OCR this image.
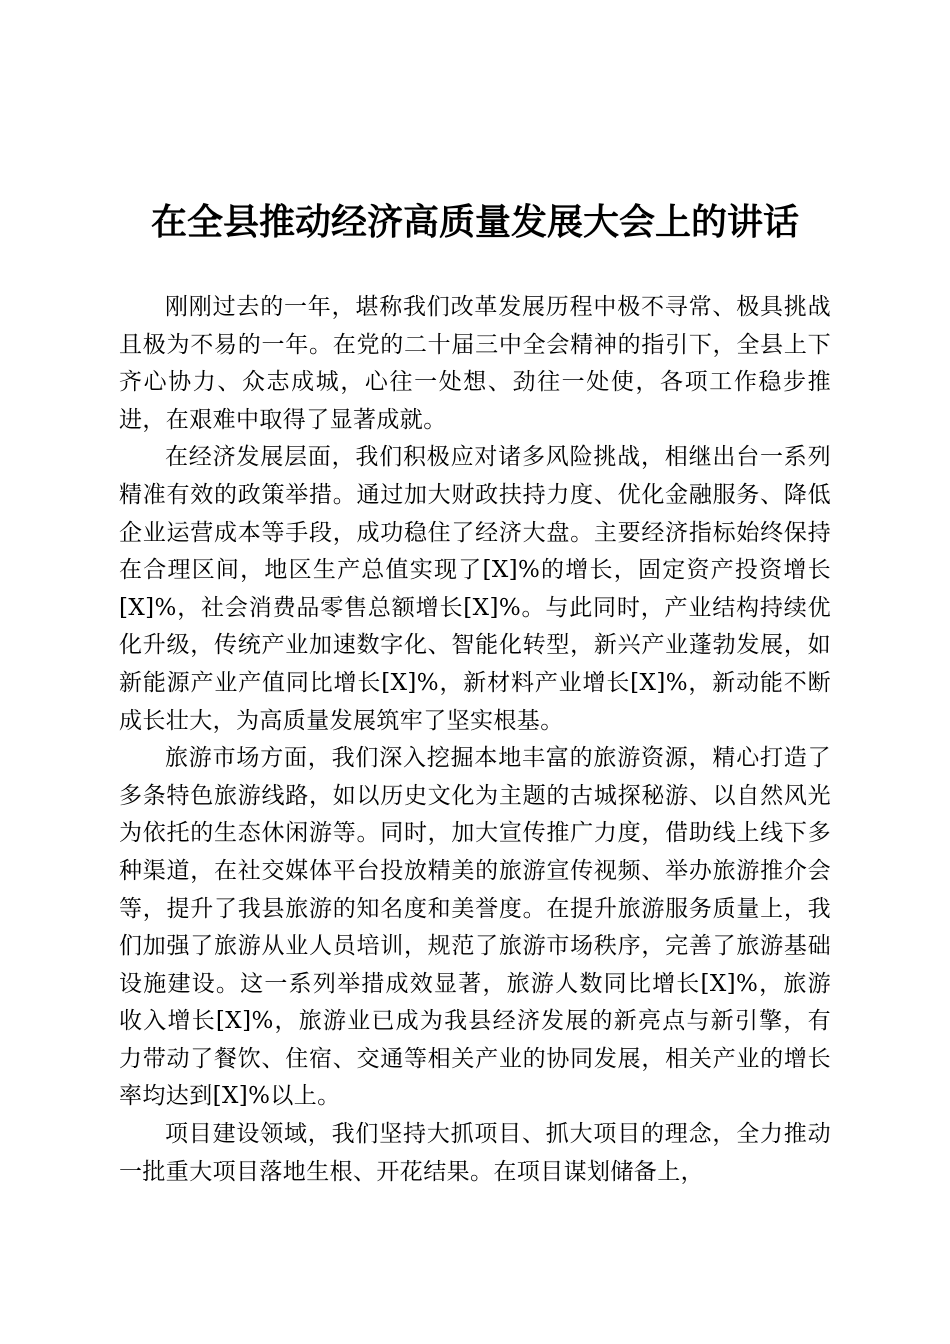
在全县推动经济高质量发展大会上的讲话

刚刚过去的一年，堪称我们改革发展历程中极不寻常、极具挑战且极为不易的一年。在党的二十届三中全会精神的指引下，全县上下齐心协力、众志成城，心往一处想、劲往一处使，各项工作稳步推进，在艰难中取得了显著成就。

在经济发展层面，我们积极应对诸多风险挑战，相继出台一系列精准有效的政策举措。通过加大财政扶持力度、优化金融服务、降低企业运营成本等手段，成功稳住了经济大盘。主要经济指标始终保持在合理区间，地区生产总值实现了[X]%的增长，固定资产投资增长[X]%，社会消费品零售总额增长[X]%。与此同时，产业结构持续优化升级，传统产业加速数字化、智能化转型，新兴产业蓬勃发展，如新能源产业产值同比增长[X]%，新材料产业增长[X]%，新动能不断成长壮大，为高质量发展筑牢了坚实根基。

旅游市场方面，我们深入挖掘本地丰富的旅游资源，精心打造了多条特色旅游线路，如以历史文化为主题的古城探秘游、以自然风光为依托的生态休闲游等。同时，加大宣传推广力度，借助线上线下多种渠道，在社交媒体平台投放精美的旅游宣传视频、举办旅游推介会等，提升了我县旅游的知名度和美誉度。在提升旅游服务质量上，我们加强了旅游从业人员培训，规范了旅游市场秩序，完善了旅游基础设施建设。这一系列举措成效显著，旅游人数同比增长[X]%，旅游收入增长[X]%，旅游业已成为我县经济发展的新亮点与新引擎，有力带动了餐饮、住宿、交通等相关产业的协同发展，相关产业的增长率均达到[X]%以上。

项目建设领域，我们坚持大抓项目、抓大项目的理念，全力推动一批重大项目落地生根、开花结果。在项目谋划储备上，
